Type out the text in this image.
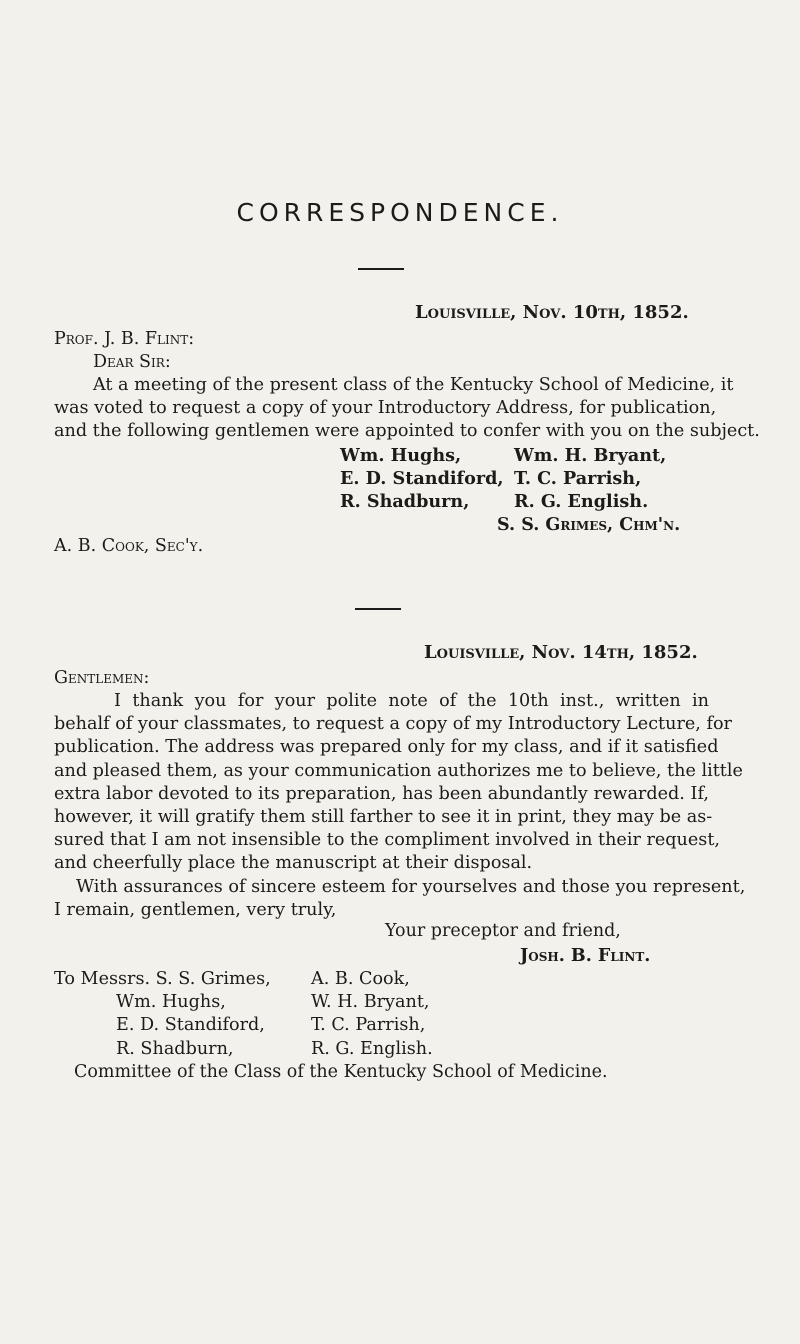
CORRESPONDENCE.
Louisville, Nov. 10th, 1852.
Prof. J. B. Flint:
Dear Sir:
At a meeting of the present class of the Kentucky School of Medicine, it
was voted to request a copy of your Introductory Address, for publication,
and the following gentlemen were appointed to confer with you on the subject.
Wm. Hughs,
E. D. Standiford,
R. Shadburn,
Wm. H. Bryant,
T. C. Parrish,
R. G. English.
S. S. Grimes, Chm'n.
A. B. Cook, Sec'y.
Louisville, Nov. 14th, 1852.
Gentlemen:
I thank you for your polite note of the 10th inst., written in
behalf of your classmates, to request a copy of my Introductory Lecture, for
publication. The address was prepared only for my class, and if it satisfied
and pleased them, as your communication authorizes me to believe, the little
extra labor devoted to its preparation, has been abundantly rewarded. If,
however, it will gratify them still farther to see it in print, they may be as-
sured that I am not insensible to the compliment involved in their request,
and cheerfully place the manuscript at their disposal.
With assurances of sincere esteem for yourselves and those you represent,
I remain, gentlemen, very truly,
Your preceptor and friend,
Josh. B. Flint.
To Messrs. S. S. Grimes,
Wm. Hughs,
E. D. Standiford,
R. Shadburn,
A. B. Cook,
W. H. Bryant,
T. C. Parrish,
R. G. English.
Committee of the Class of the Kentucky School of Medicine.
